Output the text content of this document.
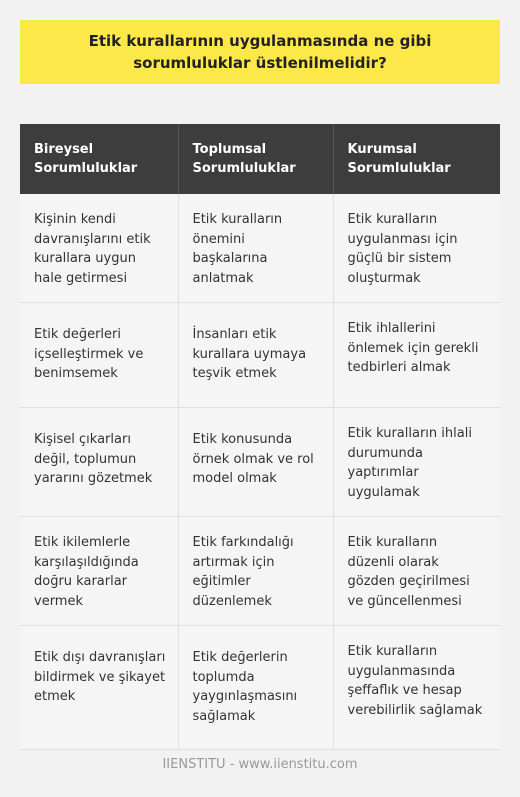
Etik kurallarının uygulanmasında ne gibi sorumluluklar üstlenilmelidir?
Bireysel Sorumluluklar	Toplumsal Sorumluluklar	Kurumsal Sorumluluklar
Kişinin kendi davranışlarını etik kurallara uygun hale getirmesi	Etik kuralların önemini başkalarına anlatmak	Etik kuralların uygulanması için güçlü bir sistem oluşturmak
Etik değerleri içselleştirmek ve benimsemek	İnsanları etik kurallara uymaya teşvik etmek	Etik ihlallerini önlemek için gerekli tedbirleri almak
Kişisel çıkarları değil, toplumun yararını gözetmek	Etik konusunda örnek olmak ve rol model olmak	Etik kuralların ihlali durumunda yaptırımlar uygulamak
Etik ikilemlerle karşılaşıldığında doğru kararlar vermek	Etik farkındalığı artırmak için eğitimler düzenlemek	Etik kuralların düzenli olarak gözden geçirilmesi ve güncellenmesi
Etik dışı davranışları bildirmek ve şikayet etmek	Etik değerlerin toplumda yaygınlaşmasını sağlamak	Etik kuralların uygulanmasında şeffaflık ve hesap verebilirlik sağlamak
IIENSTITU - www.iienstitu.com
